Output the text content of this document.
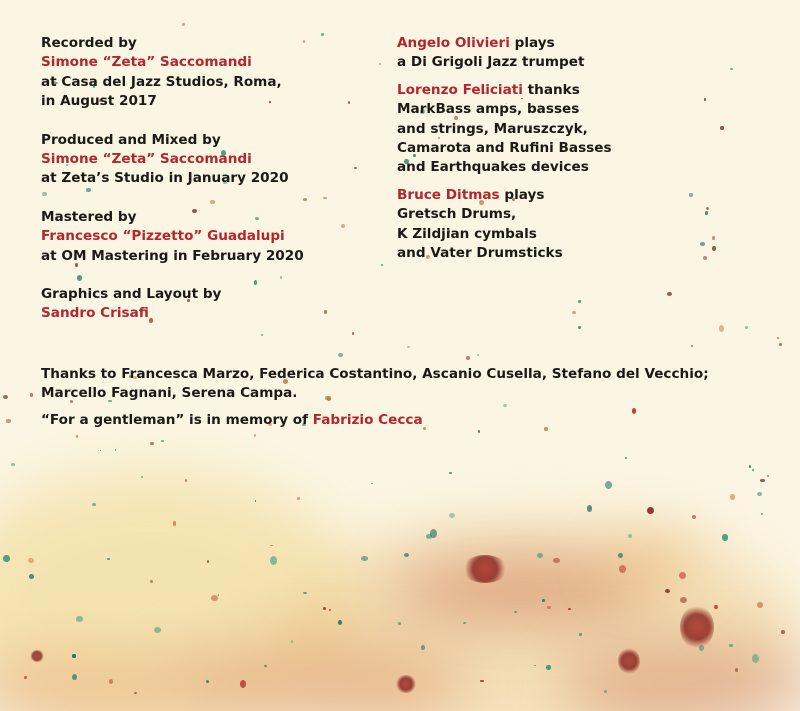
Recorded by
Simone “Zeta” Saccomandi
at Casa del Jazz Studios, Roma,
in August 2017
Produced and Mixed by
Simone “Zeta” Saccomandi
at Zeta’s Studio in January 2020
Mastered by
Francesco “Pizzetto” Guadalupi
at OM Mastering in February 2020
Graphics and Layout by
Sandro Crisafi
Angelo Olivieri plays
a Di Grigoli Jazz trumpet
Lorenzo Feliciati thanks
MarkBass amps, basses
and strings, Maruszczyk,
Camarota and Rufini Basses
and Earthquakes devices
Bruce Ditmas plays
Gretsch Drums,
K Zildjian cymbals
and Vater Drumsticks
Thanks to Francesca Marzo, Federica Costantino, Ascanio Cusella, Stefano del Vecchio;
Marcello Fagnani, Serena Campa.
“For a gentleman” is in memory of Fabrizio Cecca
